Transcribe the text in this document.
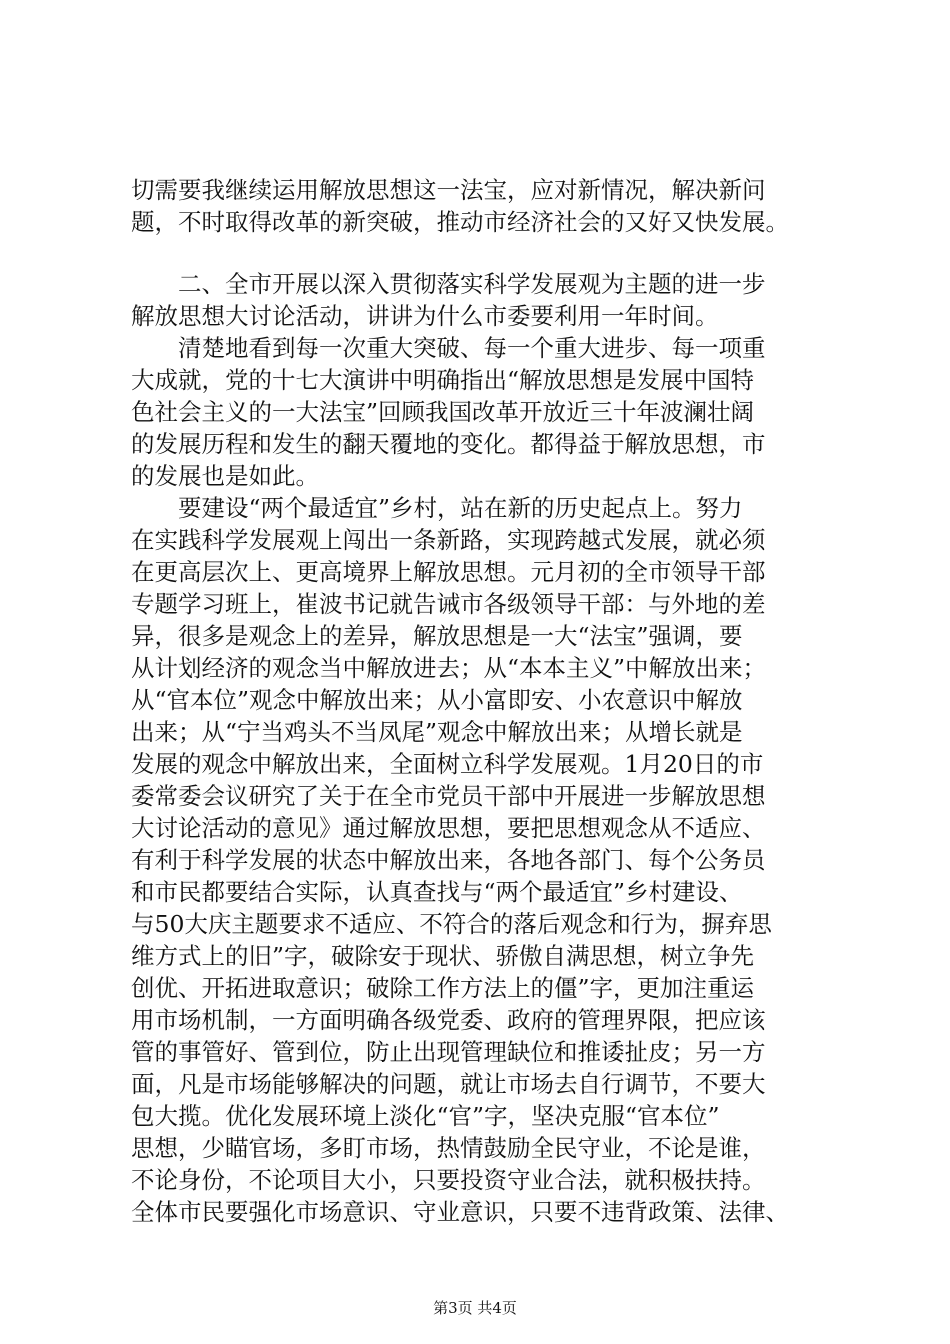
切需要我继续运用解放思想这一法宝，应对新情况，解决新问
题，不时取得改革的新突破，推动市经济社会的又好又快发展。
二、全市开展以深入贯彻落实科学发展观为主题的进一步
解放思想大讨论活动，讲讲为什么市委要利用一年时间。
清楚地看到每一次重大突破、每一个重大进步、每一项重
大成就，党的十七大演讲中明确指出“解放思想是发展中国特
色社会主义的一大法宝”回顾我国改革开放近三十年波澜壮阔
的发展历程和发生的翻天覆地的变化。都得益于解放思想，市
的发展也是如此。
要建设“两个最适宜”乡村，站在新的历史起点上。努力
在实践科学发展观上闯出一条新路，实现跨越式发展，就必须
在更高层次上、更高境界上解放思想。元月初的全市领导干部
专题学习班上，崔波书记就告诫市各级领导干部：与外地的差
异，很多是观念上的差异，解放思想是一大“法宝”强调，要
从计划经济的观念当中解放进去；从“本本主义”中解放出来；
从“官本位”观念中解放出来；从小富即安、小农意识中解放
出来；从“宁当鸡头不当凤尾”观念中解放出来；从增长就是
发展的观念中解放出来，全面树立科学发展观。1月20日的市
委常委会议研究了关于在全市党员干部中开展进一步解放思想
大讨论活动的意见》通过解放思想，要把思想观念从不适应、
有利于科学发展的状态中解放出来，各地各部门、每个公务员
和市民都要结合实际，认真查找与“两个最适宜”乡村建设、
与50大庆主题要求不适应、不符合的落后观念和行为，摒弃思
维方式上的旧”字，破除安于现状、骄傲自满思想，树立争先
创优、开拓进取意识；破除工作方法上的僵”字，更加注重运
用市场机制，一方面明确各级党委、政府的管理界限，把应该
管的事管好、管到位，防止出现管理缺位和推诿扯皮；另一方
面，凡是市场能够解决的问题，就让市场去自行调节，不要大
包大揽。优化发展环境上淡化“官”字，坚决克服“官本位”
思想，少瞄官场，多盯市场，热情鼓励全民守业，不论是谁，
不论身份，不论项目大小，只要投资守业合法，就积极扶持。
全体市民要强化市场意识、守业意识，只要不违背政策、法律、
第3页 共4页
